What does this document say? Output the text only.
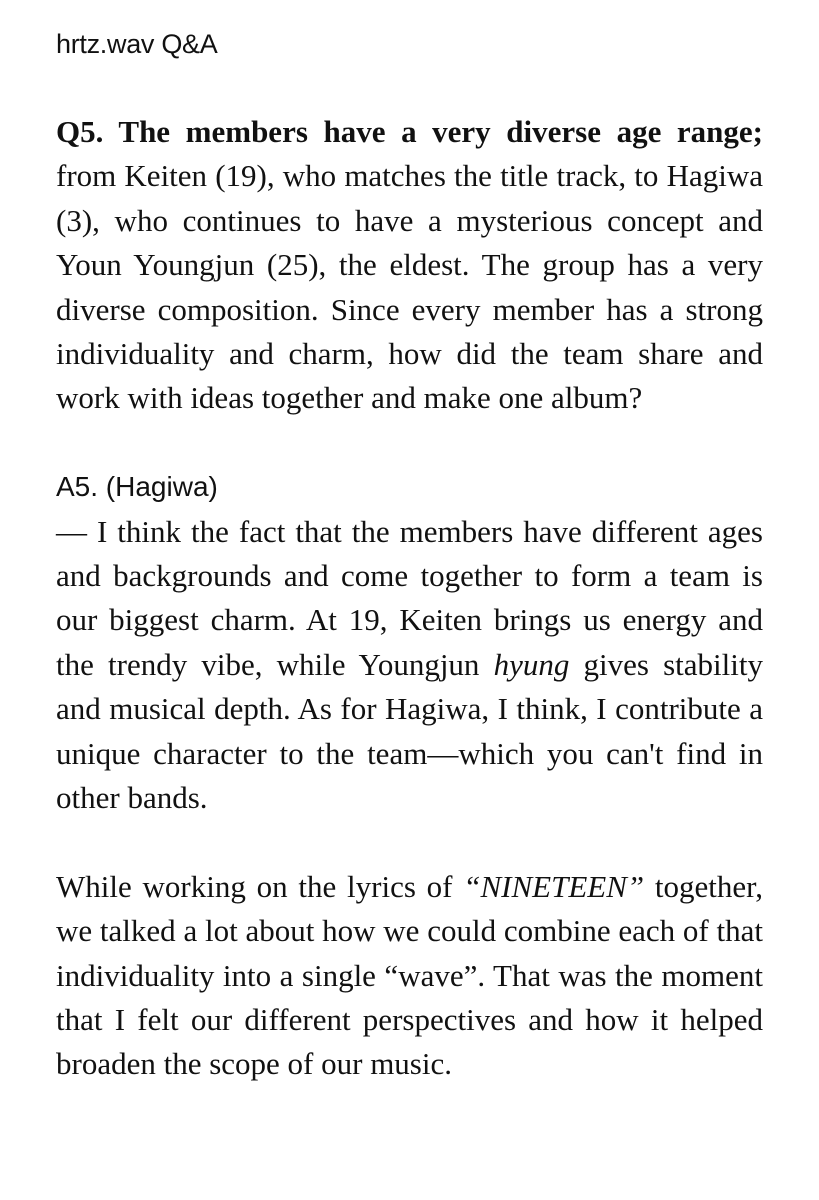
hrtz.wav Q&A

Q5. The members have a very diverse age range; from Keiten (19), who matches the title track, to Hagiwa (3), who continues to have a mysterious concept and Youn Youngjun (25), the eldest. The group has a very diverse composition. Since every member has a strong individuality and charm, how did the team share and work with ideas together and make one album?

A5. (Hagiwa)

— I think the fact that the members have different ages and backgrounds and come together to form a team is our biggest charm. At 19, Keiten brings us energy and the trendy vibe, while Youngjun hyung gives stability and musical depth. As for Hagiwa, I think, I contribute a unique character to the team—which you can't find in other bands.

While working on the lyrics of “NINETEEN” together, we talked a lot about how we could combine each of that individuality into a single “wave”. That was the moment that I felt our different perspectives and how it helped broaden the scope of our music.
